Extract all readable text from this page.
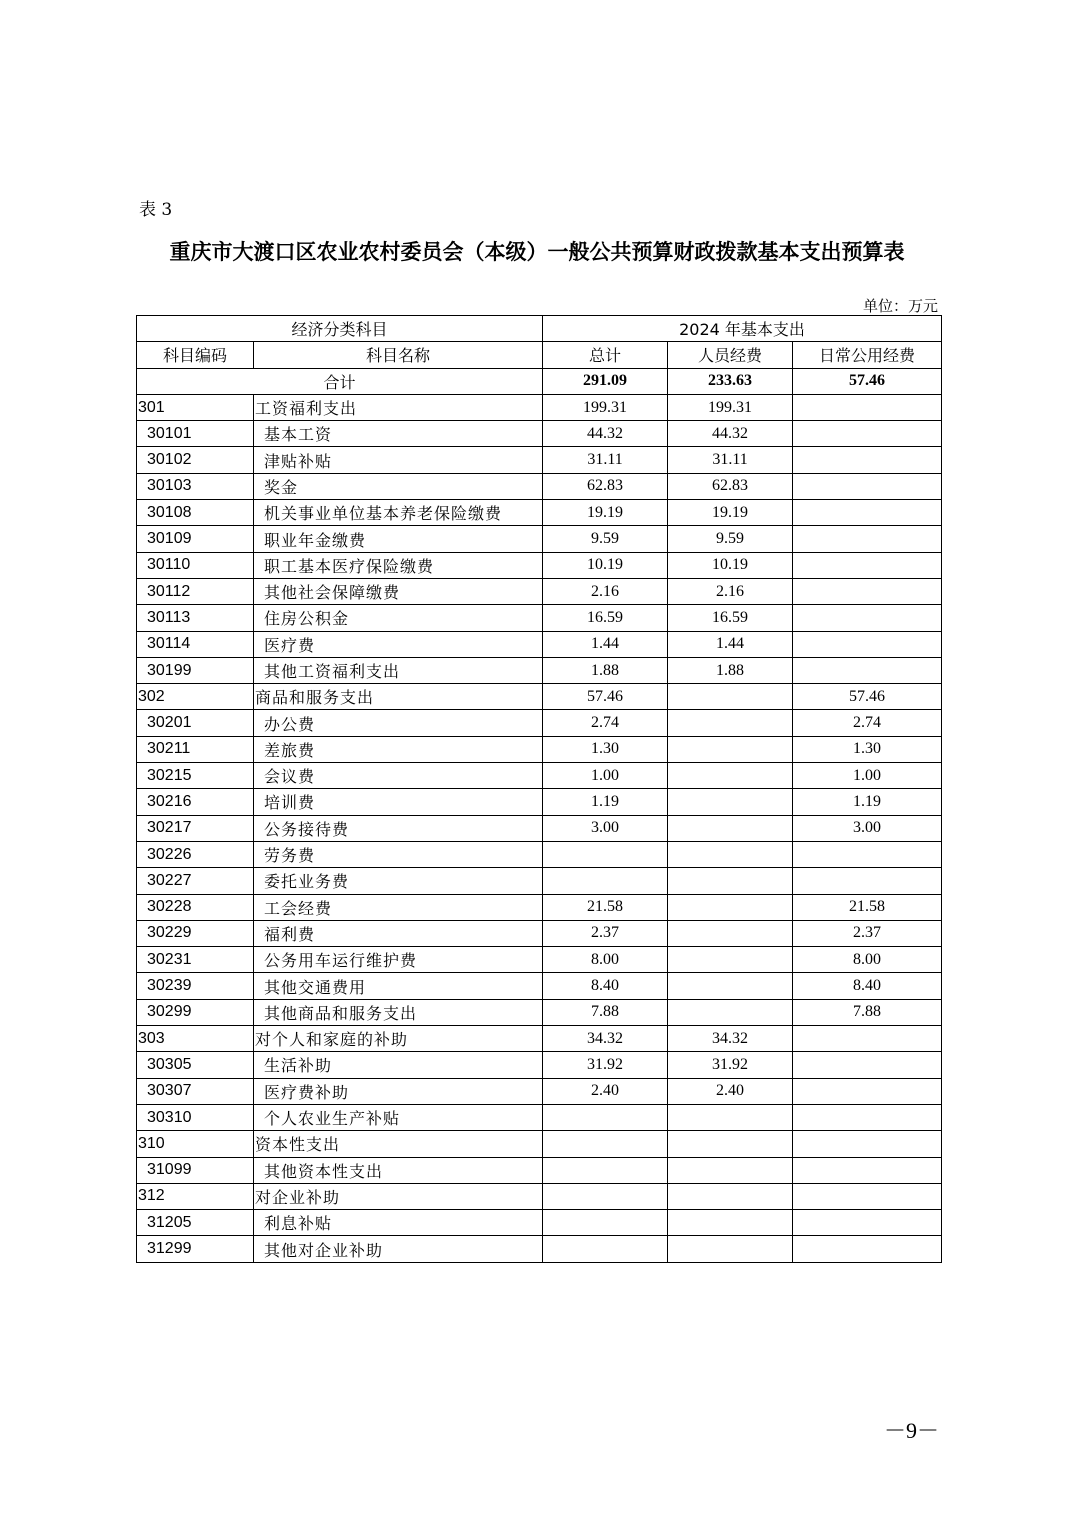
表 3
重庆市大渡口区农业农村委员会（本级）一般公共预算财政拨款基本支出预算表
单位：万元
经济分类科目		2024 年基本支出		
科目编码	科目名称	总计	人员经费	日常公用经费
合计		291.09	233.63	57.46
301	工资福利支出	199.31	199.31	
30101	基本工资	44.32	44.32	
30102	津贴补贴	31.11	31.11	
30103	奖金	62.83	62.83	
30108	机关事业单位基本养老保险缴费	19.19	19.19	
30109	职业年金缴费	9.59	9.59	
30110	职工基本医疗保险缴费	10.19	10.19	
30112	其他社会保障缴费	2.16	2.16	
30113	住房公积金	16.59	16.59	
30114	医疗费	1.44	1.44	
30199	其他工资福利支出	1.88	1.88	
302	商品和服务支出	57.46		57.46
30201	办公费	2.74		2.74
30211	差旅费	1.30		1.30
30215	会议费	1.00		1.00
30216	培训费	1.19		1.19
30217	公务接待费	3.00		3.00
30226	劳务费			
30227	委托业务费			
30228	工会经费	21.58		21.58
30229	福利费	2.37		2.37
30231	公务用车运行维护费	8.00		8.00
30239	其他交通费用	8.40		8.40
30299	其他商品和服务支出	7.88		7.88
303	对个人和家庭的补助	34.32	34.32	
30305	生活补助	31.92	31.92	
30307	医疗费补助	2.40	2.40	
30310	个人农业生产补贴			
310	资本性支出			
31099	其他资本性支出			
312	对企业补助			
31205	利息补贴			
31299	其他对企业补助			
－9－
